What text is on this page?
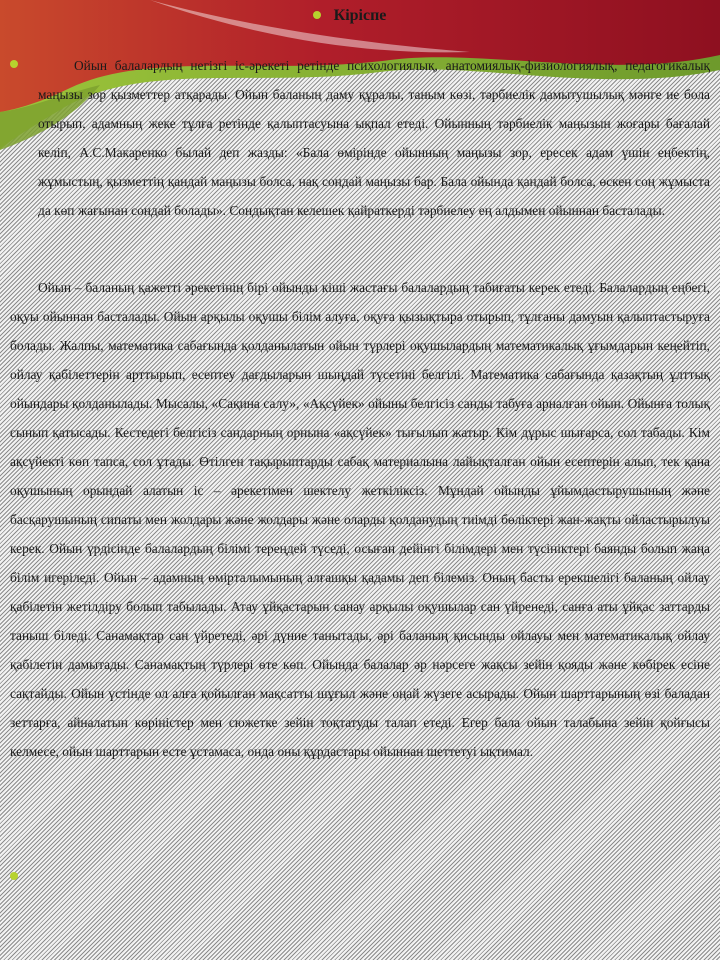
Кіріспе

Ойын балалардың негізгі іс-әрекеті ретінде психологиялық, анатомиялық-физиологиялық, педагогикалық маңызы зор қызметтер атқарады. Ойын баланың даму құралы, таным көзі, тәрбиелік дамытушылық мәнге ие бола отырып, адамның жеке тұлға ретінде қалыптасуына ықпал етеді. Ойынның тәрбиелік маңызын жоғары бағалай келіп, А.С.Макаренко былай деп жазды: «Бала өмірінде ойынның маңызы зор, ересек адам үшін еңбектің, жұмыстың, қызметтің қандай маңызы болса, нақ сондай маңызы бар. Бала ойында қандай болса, өскен соң жұмыста да көп жағынан сондай болады». Сондықтан келешек қайраткерді тәрбиелеу ең алдымен ойыннан басталады.

Ойын – баланың қажетті әрекетінің бірі ойынды кіші жастағы балалардың табиғаты керек етеді. Балалардың еңбегі, оқуы ойыннан басталады. Ойын арқылы оқушы білім алуға, оқуға қызықтыра отырып, тұлғаны дамуын қалыптастыруға болады. Жалпы, математика сабағында қолданылатын ойын түрлері оқушылардың математикалық ұғымдарын кеңейтіп, ойлау қабілеттерін арттырып, есептеу дағдыларын шыңдай түсетіні белгілі. Математика сабағында қазақтың ұлттық ойындары қолданылады. Мысалы, «Сақина салу», «Ақсүйек» ойыны белгісіз санды табуға арналған ойын. Ойынға толық сынып қатысады. Кестедегі белгісіз сандарның орнына «ақсүйек» тығылып жатыр. Кім дұрыс шығарса, сол табады. Кім ақсүйекті көп тапса, сол ұтады. Өтілген тақырыптарды сабақ материалына лайықталған ойын есептерін алып, тек қана оқушының орындай алатын іс – әрекетімен шектелу жеткіліксіз. Мұндай ойынды ұйымдастырушының және басқарушының сипаты мен жолдары және жолдары және оларды қолданудың тиімді бөліктері жан-жақты ойластырылуы керек. Ойын үрдісінде балалардың білімі тереңдей түседі, осыған дейінгі білімдері мен түсініктері баянды болып жаңа білім игеріледі. Ойын – адамның өмірталымының алғашқы қадамы деп білеміз. Оның басты ерекшелігі баланың ойлау қабілетін жетілдіру болып табылады. Атау ұйқастарын санау арқылы оқушылар сан үйренеді, санға аты ұйқас заттарды таныш біледі. Санамақтар сан үйретеді, әрі дүние танытады, әрі баланың қисынды ойлауы мен математикалық ойлау қабілетін дамытады. Санамақтың түрлері өте көп. Ойында балалар әр нәрсеге жақсы зейін қояды және көбірек есіне сақтайды. Ойын үстінде ол алға қойылған мақсатты шұғыл және оңай жүзеге асырады. Ойын шарттарының өзі баладан зеттарға, айналатын көріністер мен сюжетке зейін тоқтатуды талап етеді. Егер бала ойын талабына зейін қойғысы келмесе, ойын шарттарын есте ұстамаса, онда оны құрдастары ойыннан шеттетуі ықтимал.
